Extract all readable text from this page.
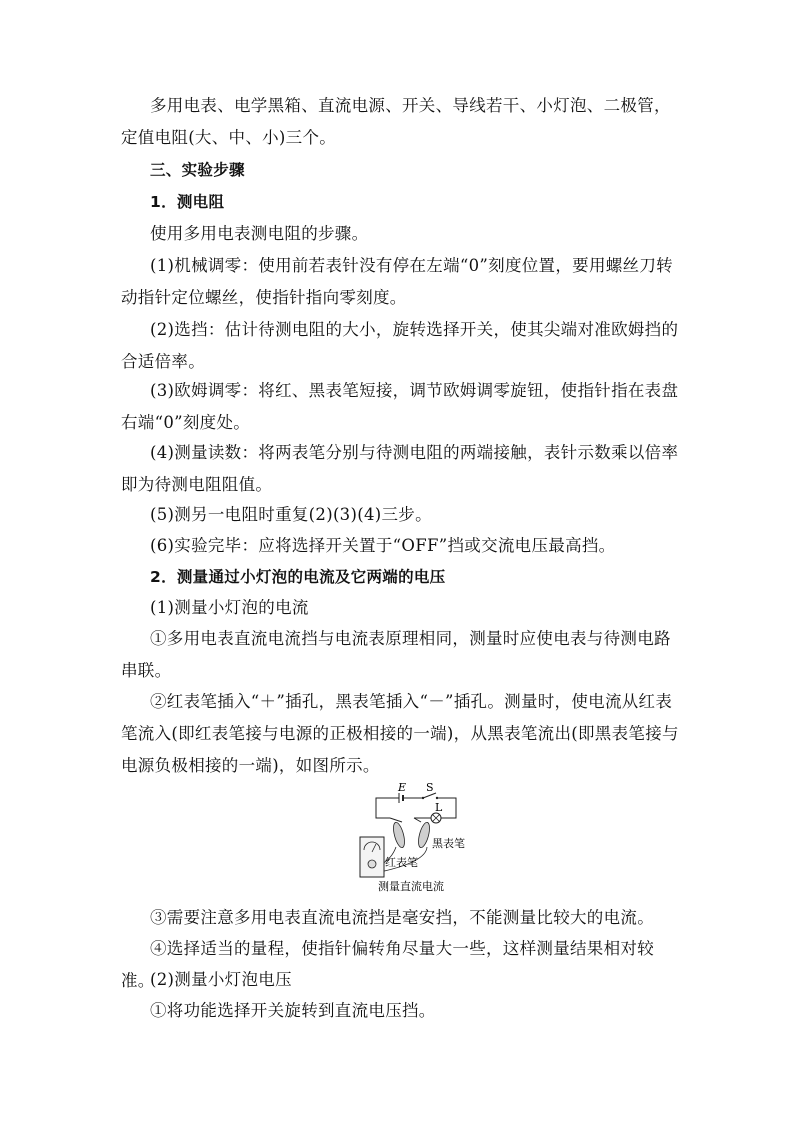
多用电表、电学黑箱、直流电源、开关、导线若干、小灯泡、二极管，定值电阻(大、中、小)三个。

三、实验步骤

1．测电阻

使用多用电表测电阻的步骤。

(1)机械调零：使用前若表针没有停在左端“0”刻度位置，要用螺丝刀转动指针定位螺丝，使指针指向零刻度。

(2)选挡：估计待测电阻的大小，旋转选择开关，使其尖端对准欧姆挡的合适倍率。

(3)欧姆调零：将红、黑表笔短接，调节欧姆调零旋钮，使指针指在表盘右端“0”刻度处。

(4)测量读数：将两表笔分别与待测电阻的两端接触，表针示数乘以倍率即为待测电阻阻值。

(5)测另一电阻时重复(2)(3)(4)三步。

(6)实验完毕：应将选择开关置于“OFF”挡或交流电压最高挡。

2．测量通过小灯泡的电流及它两端的电压

(1)测量小灯泡的电流

①多用电表直流电流挡与电流表原理相同，测量时应使电表与待测电路串联。

②红表笔插入“＋”插孔，黑表笔插入“－”插孔。测量时，使电流从红表笔流入(即红表笔接与电源的正极相接的一端)，从黑表笔流出(即黑表笔接与电源负极相接的一端)，如图所示。

E S
L
黑表笔
红表笔
测量直流电流

③需要注意多用电表直流电流挡是毫安挡，不能测量比较大的电流。

④选择适当的量程，使指针偏转角尽量大一些，这样测量结果相对较准。

(2)测量小灯泡电压

①将功能选择开关旋转到直流电压挡。
